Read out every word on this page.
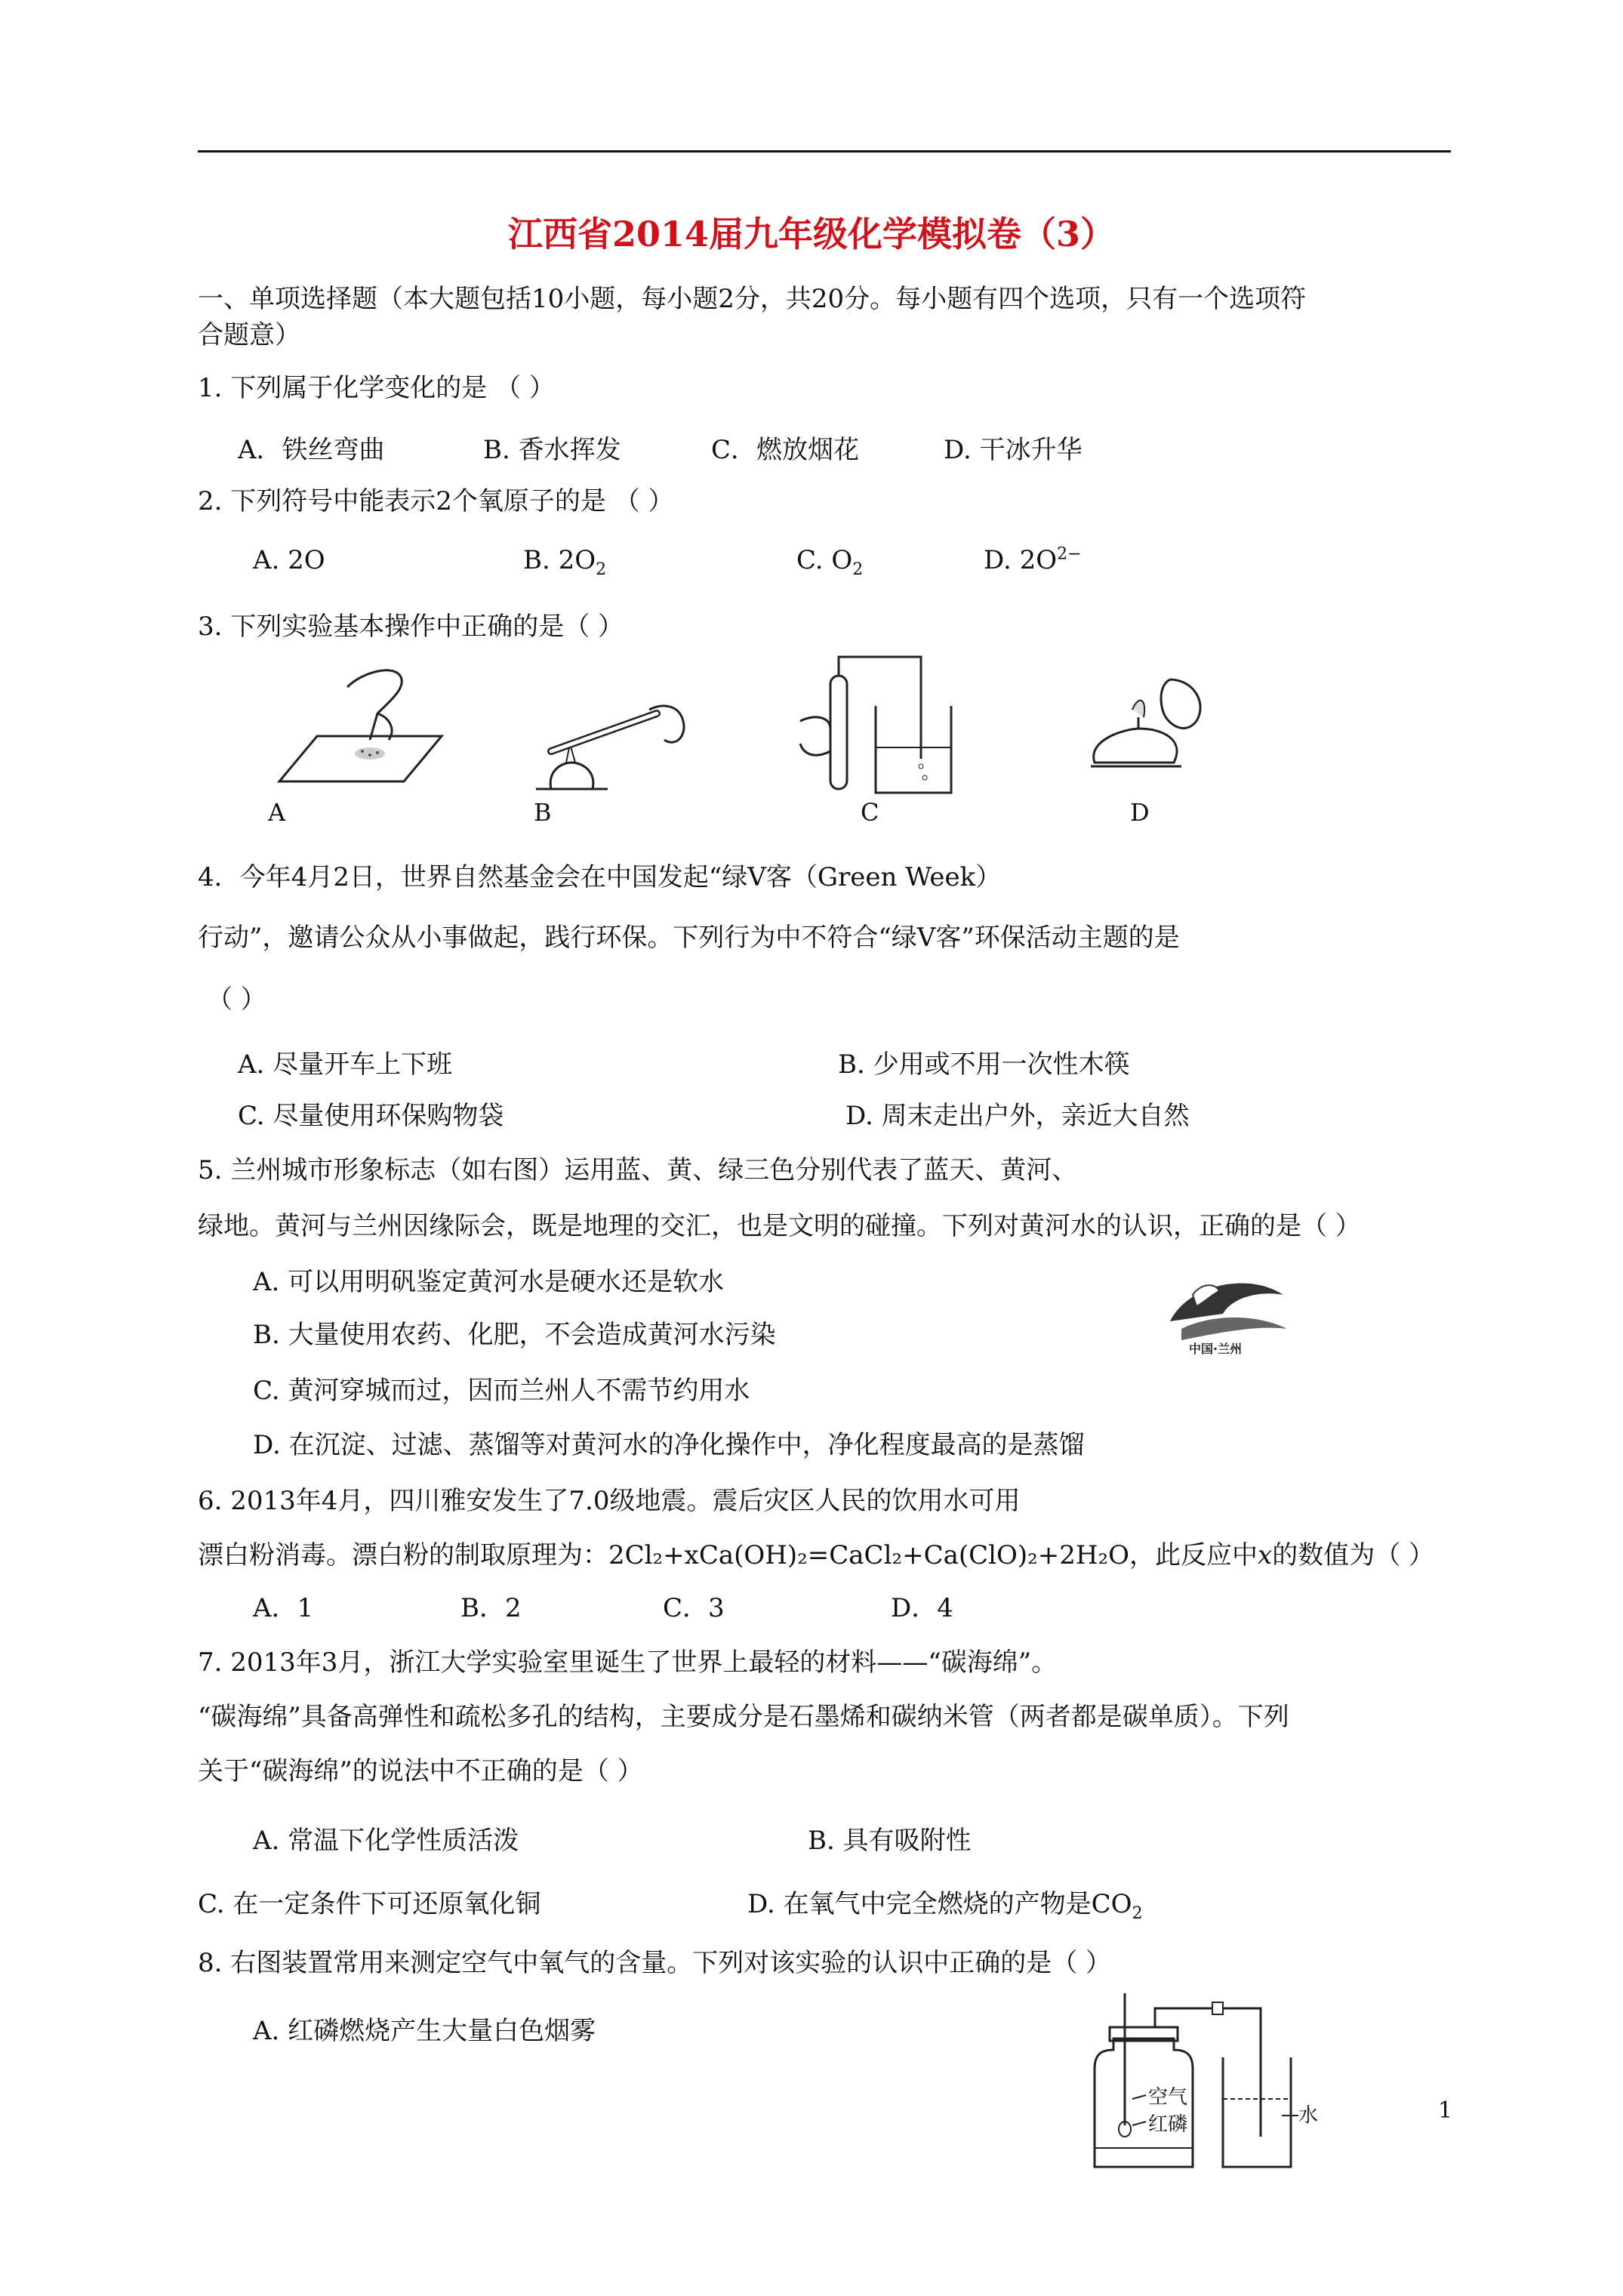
江西省2014届九年级化学模拟卷（3）
一、单项选择题（本大题包括10小题，每小题2分，共20分。每小题有四个选项，只有一个选项符
合题意）
1. 下列属于化学变化的是 （ ）
A．铁丝弯曲	B. 香水挥发	C．燃放烟花	D. 干冰升华
2. 下列符号中能表示2个氧原子的是 （ ）
A. 2O	B. $2O_2$	C. $O_2$	D. $2O^{2-}$
3. 下列实验基本操作中正确的是（ ）
A	B	C	D
4．今年4月2日，世界自然基金会在中国发起“绿Ⅴ客（Green Week）
行动”，邀请公众从小事做起，践行环保。下列行为中不符合“绿Ⅴ客”环保活动主题的是
（ ）
A. 尽量开车上下班	B. 少用或不用一次性木筷
C. 尽量使用环保购物袋	D. 周末走出户外，亲近大自然
5. 兰州城市形象标志（如右图）运用蓝、黄、绿三色分别代表了蓝天、黄河、
绿地。黄河与兰州因缘际会，既是地理的交汇，也是文明的碰撞。下列对黄河水的认识，正确的是（ ）
A. 可以用明矾鉴定黄河水是硬水还是软水
B. 大量使用农药、化肥，不会造成黄河水污染
C. 黄河穿城而过，因而兰州人不需节约用水
D. 在沉淀、过滤、蒸馏等对黄河水的净化操作中，净化程度最高的是蒸馏
中国·兰州
6. 2013年4月，四川雅安发生了7.0级地震。震后灾区人民的饮用水可用
漂白粉消毒。漂白粉的制取原理为：2Cl₂+xCa(OH)₂=CaCl₂+Ca(ClO)₂+2H₂O，此反应中x的数值为（ ）
A．1	B．2	C．3	D．4
7. 2013年3月，浙江大学实验室里诞生了世界上最轻的材料——“碳海绵”。
“碳海绵”具备高弹性和疏松多孔的结构，主要成分是石墨烯和碳纳米管（两者都是碳单质）。下列
关于“碳海绵”的说法中不正确的是（ ）
A. 常温下化学性质活泼	B. 具有吸附性
C. 在一定条件下可还原氧化铜	D. 在氧气中完全燃烧的产物是$CO_2$
8. 右图装置常用来测定空气中氧气的含量。下列对该实验的认识中正确的是（ ）
A. 红磷燃烧产生大量白色烟雾
空气
红磷	水	1
